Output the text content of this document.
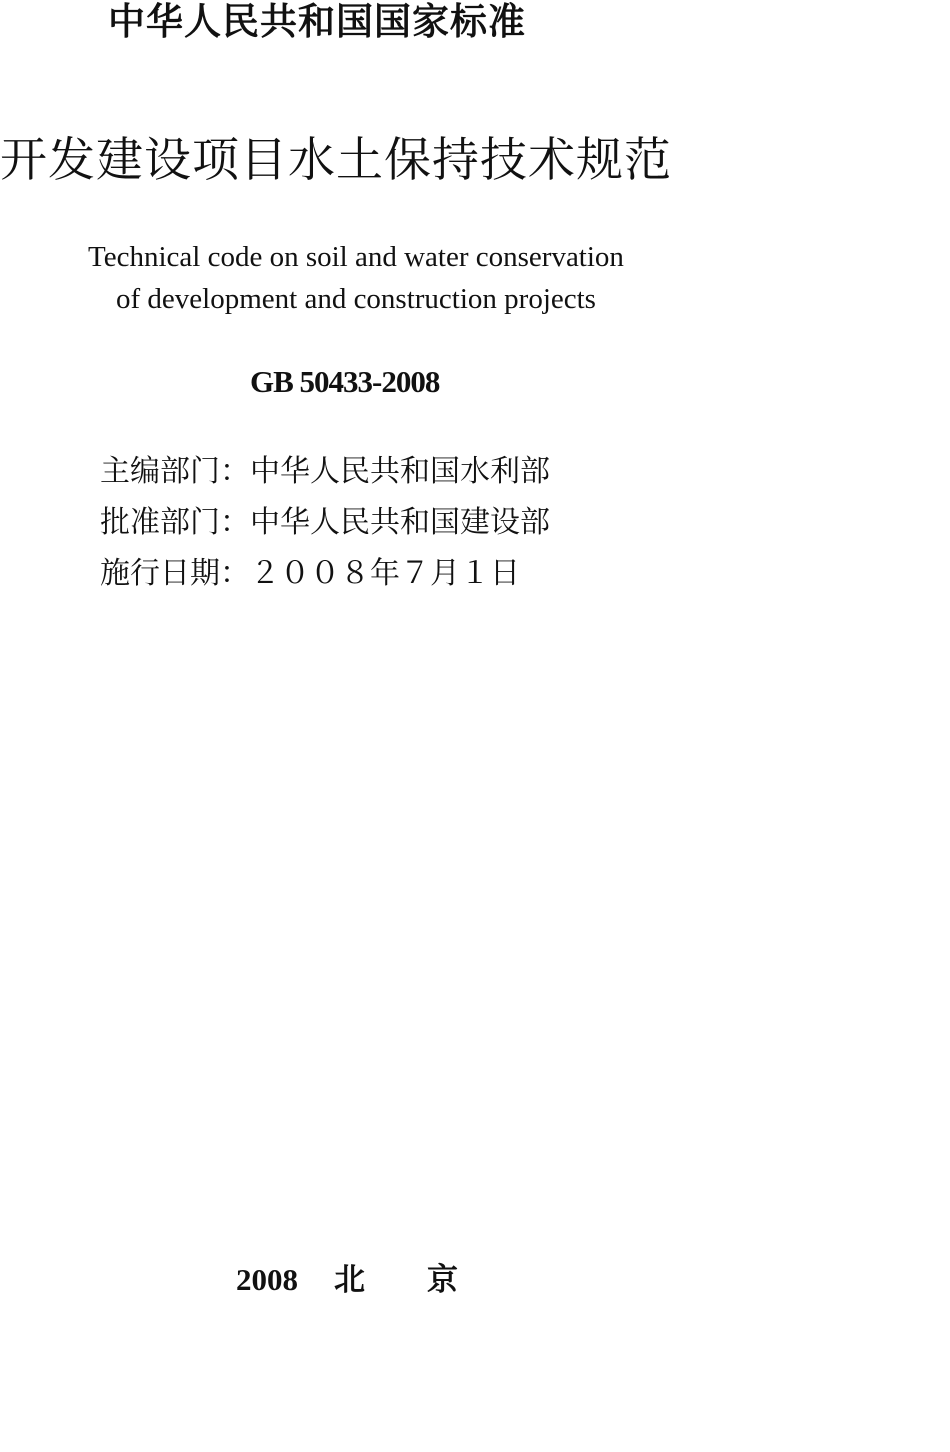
中华人民共和国国家标准
开发建设项目水土保持技术规范
Technical code on soil and water conservation
of development and construction projects
GB 50433-2008
主编部门：中华人民共和国水利部
批准部门：中华人民共和国建设部
施行日期：２００８年７月１日
2008 北　　京
